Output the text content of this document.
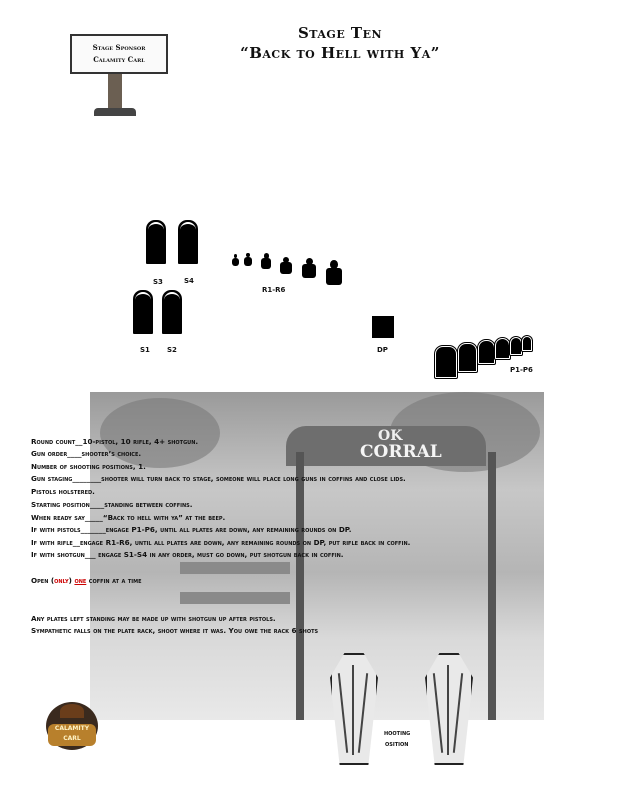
Stage Ten
“Back to Hell with Ya”
Stage Sponsor
Calamity Carl
S3	S4
S1 S2
R1-R6
DP
P1-P6
OK
CORRAL
Round count__10-pistol, 10 rifle, 4+ shotgun.
Gun order____shooter’s choice.
Number of shooting positions, 1.
Gun staging________shooter will turn back to stage, someone will place long guns in coffins and close lids.
Pistols holstered.
Starting position____standing between coffins.
When ready say_____“Back to hell with ya” at the beep.
If with pistols_______engage P1-P6, until all plates are down, any remaining rounds on DP.
If with rifle__engage R1-R6, until all plates are down, any remaining rounds on DP, put rifle back in coffin.
If with shotgun___ engage S1-S4 in any order, must go down, put shotgun back in coffin.
Open (only) one coffin at a time
Any plates left standing may be made up with shotgun up after pistols.
Sympathetic falls on the plate rack, shoot where it was. You owe the rack 6 shots
hooting
osition
CALAMITY
CARL
